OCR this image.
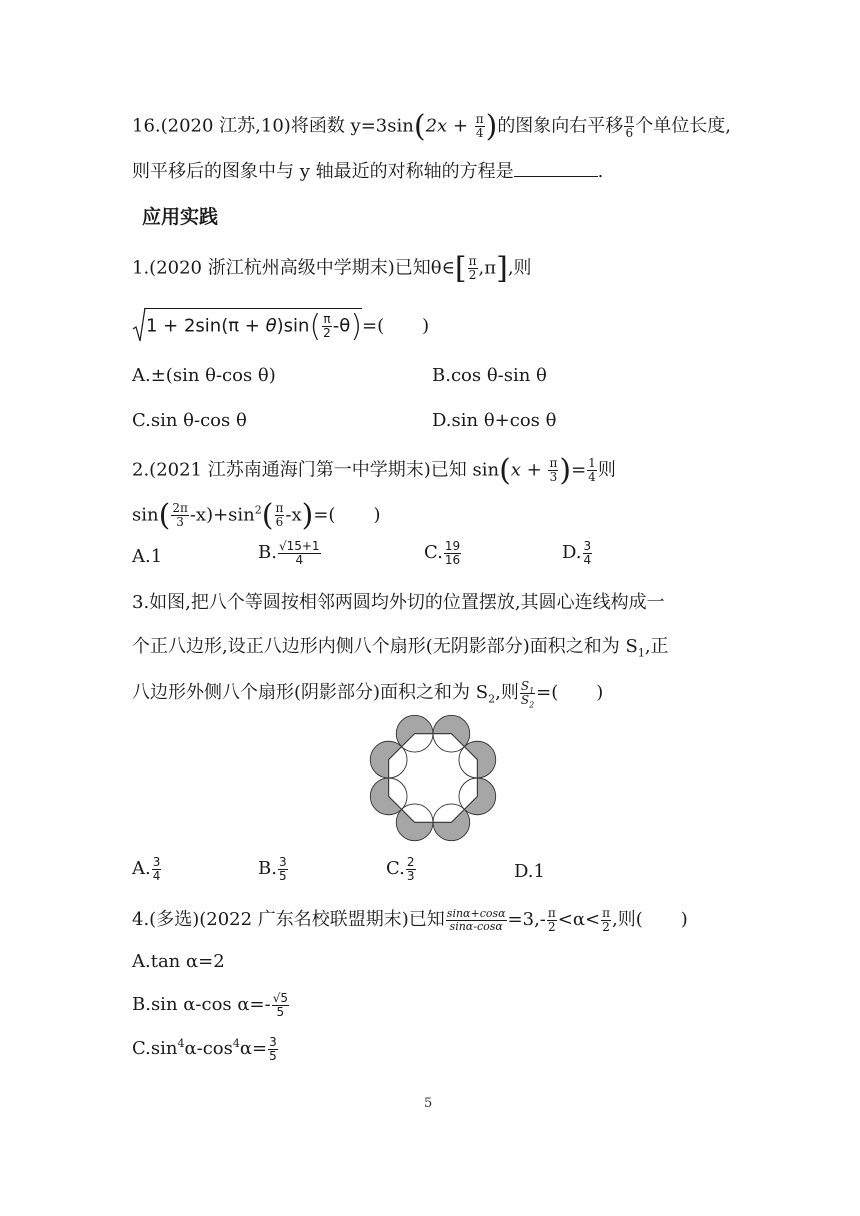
16.(2020 江苏,10)将函数 $y=3\sin(2x + \frac{\pi}{4}$ )的图象向右平移 $\frac{\pi}{6}$ 个单位长度,
则平移后的图象中与 y 轴最近的对称轴的方程是	.
应用实践
1.(2020 浙江杭州高级中学期末)已知θ∈[ $\frac{\pi}{2} ,\pi$],则
$1 + 2\sin(\pi + \theta)\sin( \frac{\pi}{2} -\theta)=$( )
A.±(sin θ-cos θ)	B.cos θ-sin θ
C.sin θ-cos θ	D.sin θ+cos θ
2.(2021 江苏南通海门第一中学期末)已知 $\sin(x + \frac{\pi}{3}$ )= $\frac{1}{4}$ 则
$\sin( \frac{2\pi}{3} -x)+\sin^2( \frac{\pi}{6} -x)=$( )
A.1	B. $\frac{√15+1}{4}$	C. $\frac{19}{16}$	D. $\frac{3}{4}$
3.如图,把八个等圆按相邻两圆均外切的位置摆放,其圆心连线构成一
个正八边形,设正八边形内侧八个扇形(无阴影部分)面积之和为 $S_1$,正
八边形外侧八个扇形(阴影部分)面积之和为 $S_2$,则 $\frac{S_1}{S_2}$ =( )
A. $\frac{3}{4}$	B. $\frac{3}{5}$	C. $\frac{2}{3}$	D.1
4.(多选)(2022 广东名校联盟期末)已知 $\frac{\sin\alpha+\cos\alpha}{\sin\alpha-\cos\alpha} =3,- \frac{\pi}{2} <\alpha< \frac{\pi}{2}$ ,则( )
A.tan α=2
B.sin α-cos $\alpha=- \frac{√5}{5}$
$C.\sin^4\alpha-\cos^4\alpha= \frac{3}{5}$
5
